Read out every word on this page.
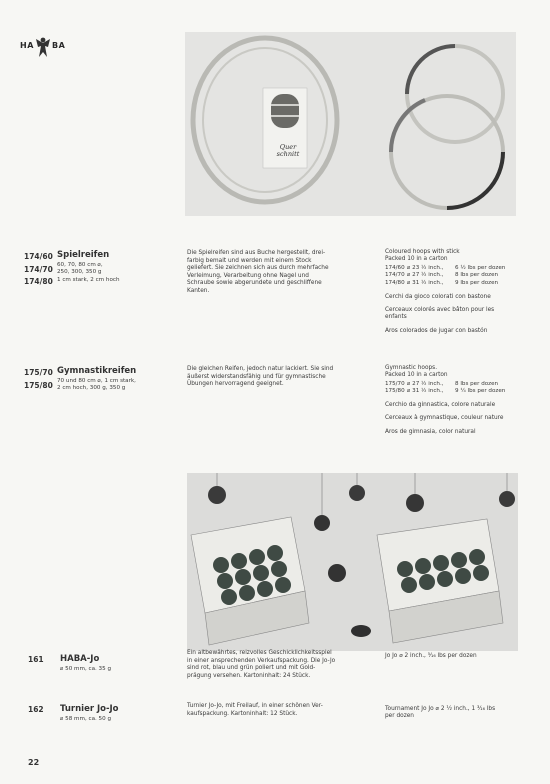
HA BA
Quer schnitt
174/60
174/70
174/80
Spielreifen
60, 70, 80 cm ⌀,
250, 300, 350 g
1 cm stark, 2 cm hoch
Die Spielreifen sind aus Buche hergestellt, drei-
farbig bemalt und werden mit einem Stock
geliefert. Sie zeichnen sich aus durch mehrfache
Verleimung, Verarbeitung ohne Nagel und
Schraube sowie abgerundete und geschliffene
Kanten.
Coloured hoops with stick
Packed 10 in a carton
174/60 ⌀ 23 ½ inch.,	6 ½ lbs per dozen
174/70 ⌀ 27 ½ inch.,	8 lbs per dozen
174/80 ⌀ 31 ½ inch.,	9 lbs per dozen
Cerchi da gioco colorati con bastone
Cerceaux colorés avec bâton pour les
enfants
Aros colorados de jugar con bastón
175/70
175/80
Gymnastikreifen
70 und 80 cm ⌀, 1 cm stark,
2 cm hoch, 300 g, 350 g
Die gleichen Reifen, jedoch natur lackiert. Sie sind
äußerst widerstandsfähig und für gymnastische
Übungen hervorragend geeignet.
Gymnastic hoops.
Packed 10 in a carton
175/70 ⌀ 27 ½ inch.,	8 lbs per dozen
175/80 ⌀ 31 ½ inch.,	9 ¼ lbs per dozen
Cerchio da ginnastica, colore naturale
Cerceaux à gymnastique, couleur nature
Aros de gimnasia, color natural
161 HABA-Jo
⌀ 50 mm, ca. 35 g
Ein altbewährtes, reizvolles Geschicklichkeitsspiel
in einer ansprechenden Verkaufspackung. Die Jo-Jo
sind rot, blau und grün poliert und mit Gold-
prägung versehen. Kartoninhalt: 24 Stück.
Jo Jo ⌀ 2 inch., ⁵⁄₁₆ lbs per dozen
162 Turnier Jo-Jo
⌀ 58 mm, ca. 50 g
Turnier Jo-Jo, mit Freilauf, in einer schönen Ver-
kaufspackung. Kartoninhalt: 12 Stück.
Tournament Jo Jo ⌀ 2 ½ inch., 1 ³⁄₁₆ lbs
per dozen
22
